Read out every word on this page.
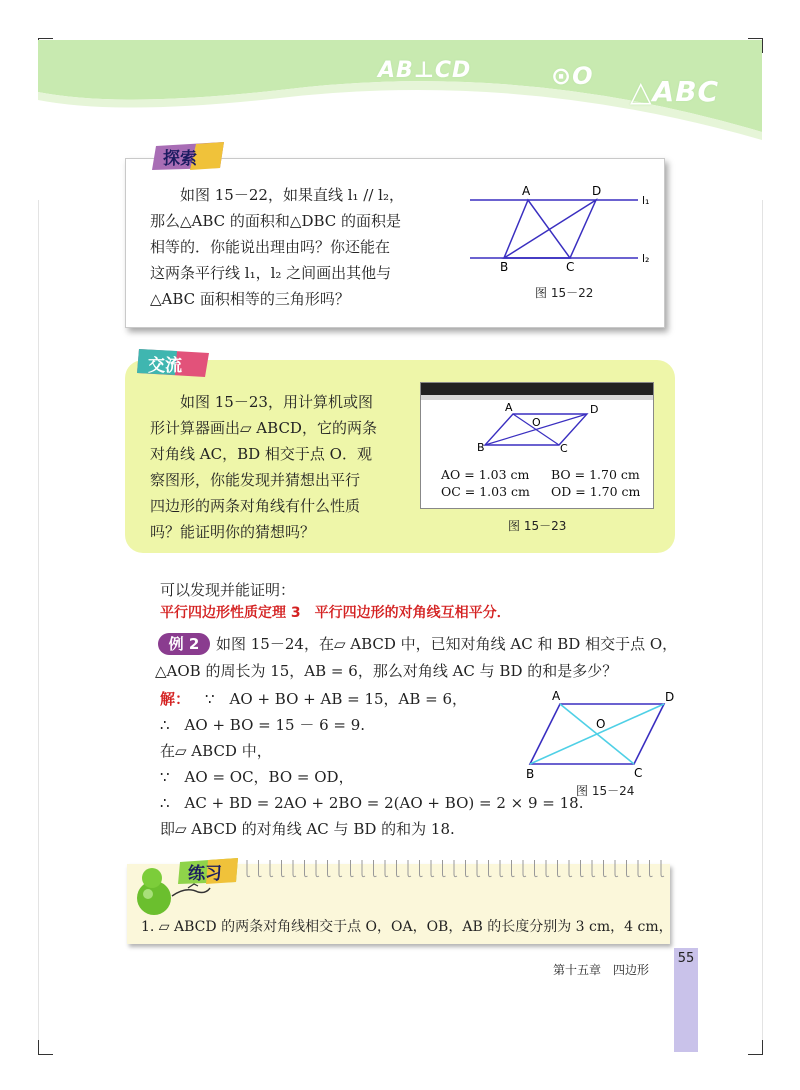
AB⊥CD	⊙O △ABC
探索

如图 15－22，如果直线 l₁ // l₂，

那么△ABC 的面积和△DBC 的面积是

相等的．你能说出理由吗？你还能在

这两条平行线 l₁，l₂ 之间画出其他与

△ABC 面积相等的三角形吗？

A	D
B	C
l₁
l₂
图 15－22
交流

如图 15－23，用计算机或图

形计算器画出▱ ABCD，它的两条

对角线 AC，BD 相交于点 O．观

察图形，你能发现并猜想出平行

四边形的两条对角线有什么性质

吗？能证明你的猜想吗？

A	D
O
B	C
AO = 1.03 cm BO = 1.70 cm
OC = 1.03 cm OD = 1.70 cm
图 15－23
可以发现并能证明：
平行四边形性质定理 3　平行四边形的对角线互相平分．
例 2	如图 15－24，在▱ ABCD 中，已知对角线 AC 和 BD 相交于点 O，
△AOB 的周长为 15，AB = 6，那么对角线 AC 与 BD 的和是多少？
解： ∵　AO + BO + AB = 15，AB = 6，
∴　AO + BO = 15 － 6 = 9.
在▱ ABCD 中，
∵　AO = OC，BO = OD，
∴　AC + BD = 2AO + 2BO = 2(AO + BO) = 2 × 9 = 18.
即▱ ABCD 的对角线 AC 与 BD 的和为 18.
A	D
O
B	C
图 15－24
练习
1. ▱ ABCD 的两条对角线相交于点 O，OA，OB，AB 的长度分别为 3 cm，4 cm，
55
第十五章　四边形
